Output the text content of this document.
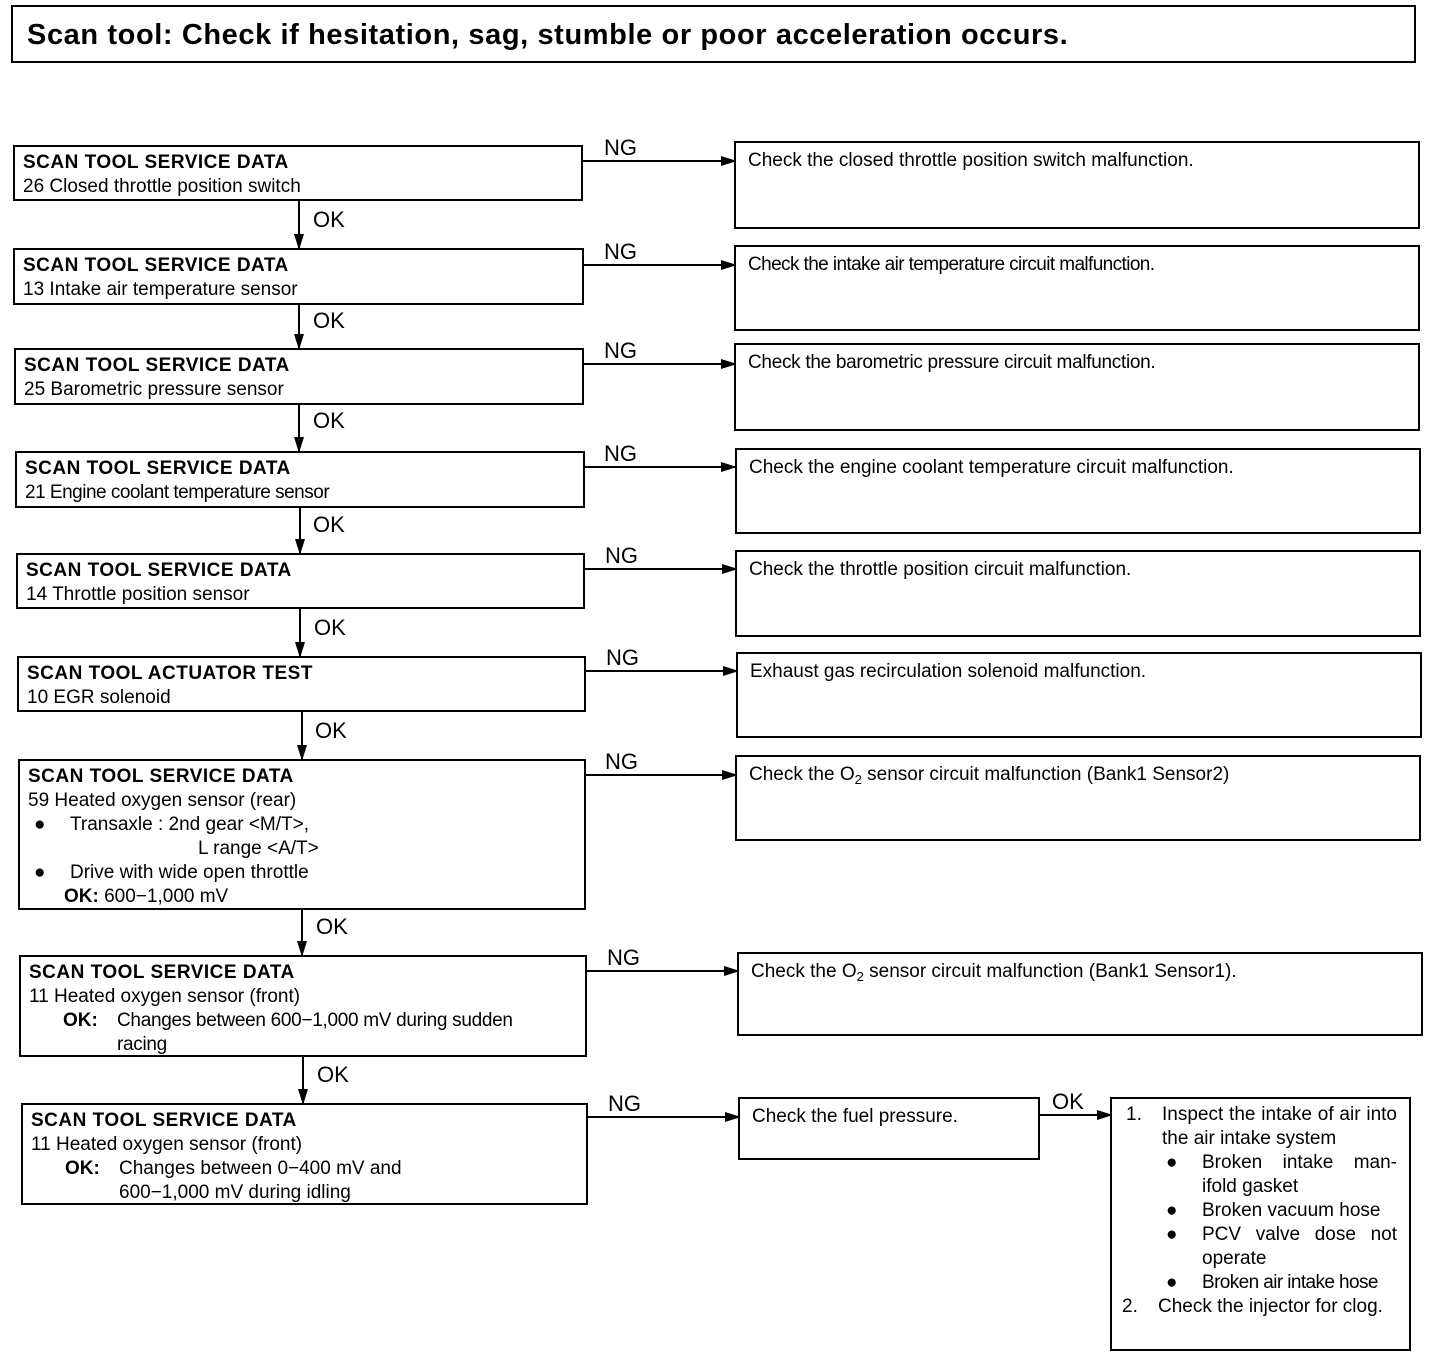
Scan tool: Check if hesitation, sag, stumble or poor acceleration occurs.
SCAN TOOL SERVICE DATA
26 Closed throttle position switch
NG
Check the closed throttle position switch malfunction.
OK
SCAN TOOL SERVICE DATA
13 Intake air temperature sensor
NG
Check the intake air temperature circuit malfunction.
OK
SCAN TOOL SERVICE DATA
25 Barometric pressure sensor
NG	Check the barometric pressure circuit malfunction.
OK
SCAN TOOL SERVICE DATA
21 Engine coolant temperature sensor
NG
Check the engine coolant temperature circuit malfunction.
OK
SCAN TOOL SERVICE DATA
14 Throttle position sensor
NG
Check the throttle position circuit malfunction.
OK
SCAN TOOL ACTUATOR TEST
10 EGR solenoid
NG
Exhaust gas recirculation solenoid malfunction.
OK
SCAN TOOL SERVICE DATA
59 Heated oxygen sensor (rear)
●	Transaxle : 2nd gear <M/T>,
L range <A/T>
●	Drive with wide open throttle
OK: 600−1,000 mV
NG
Check the $O_2$ sensor circuit malfunction (Bank1 Sensor2)
OK
SCAN TOOL SERVICE DATA
11 Heated oxygen sensor (front)
OK:	Changes between 600−1,000 mV during sudden
racing
NG
Check the $O_2$ sensor circuit malfunction (Bank1 Sensor1).
OK
SCAN TOOL SERVICE DATA
11 Heated oxygen sensor (front)
OK:	Changes between 0−400 mV and
600−1,000 mV during idling
NG
Check the fuel pressure.
OK
1.	Inspect the intake of air into the air intake system
●	Broken intake man-ifold gasket
●	Broken vacuum hose
●	PCV valve dose not operate
●	Broken air intake hose
2.	Check the injector for clog.
